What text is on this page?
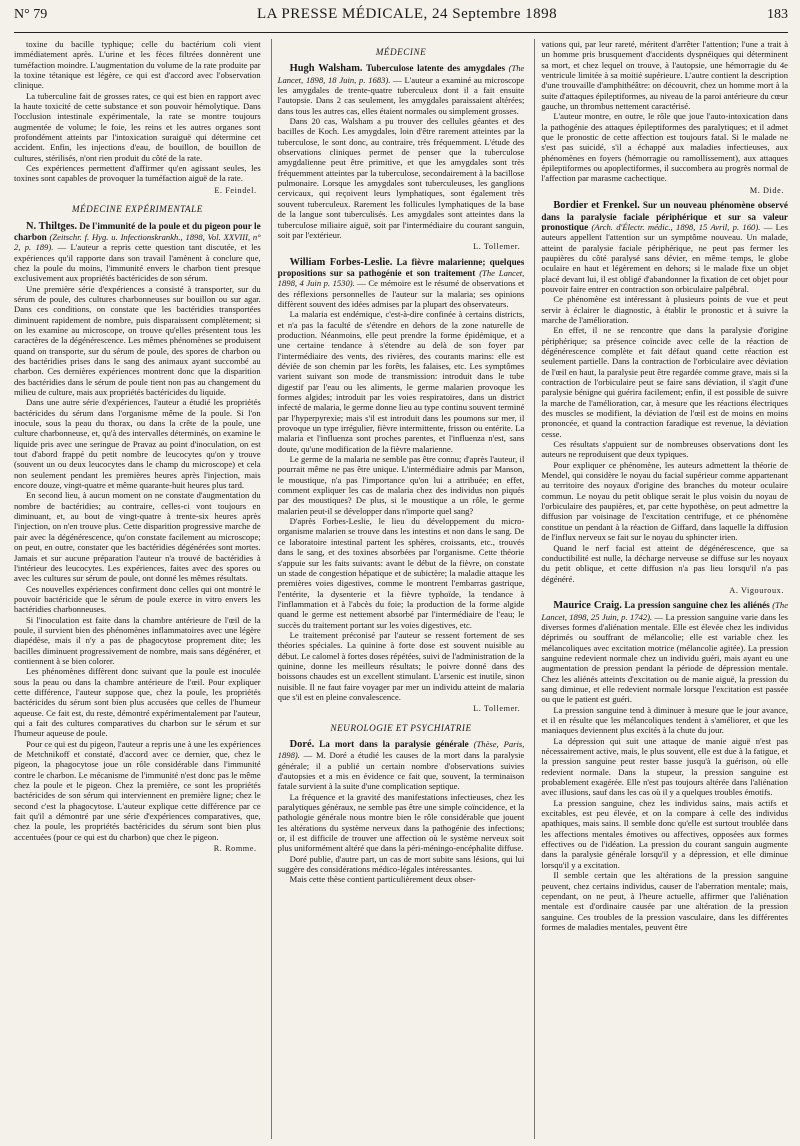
N° 79	LA PRESSE MÉDICALE, 24 Septembre 1898	183

toxine du bacille typhique; celle du bactérium coli vient immédiatement après. L'urine et les fèces filtrées donnèrent une tuméfaction moindre. L'augmentation du volume de la rate produite par la toxine tétanique est légère, ce qui est d'accord avec l'observation clinique.

La tuberculine fait de grosses rates, ce qui est bien en rapport avec la haute toxicité de cette substance et son pouvoir hémolytique. Dans l'occlusion intestinale expérimentale, la rate se montre toujours augmentée de volume; le foie, les reins et les autres organes sont profondément atteints par l'intoxication suraiguë qui détermine cet accident. Enfin, les injections d'eau, de bouillon, de bouillon de cultures, stérilisés, n'ont rien produit du côté de la rate.

Ces expériences permettent d'affirmer qu'en agissant seules, les toxines sont capables de provoquer la tuméfaction aiguë de la rate.

E. Feindel.
MÉDECINE EXPÉRIMENTALE

N. Thiltges. De l'immunité de la poule et du pigeon pour le charbon (Zeitschr. f. Hyg. u. Infectionskrankh., 1898, Vol. XXVIII, n° 2, p. 189). — L'auteur a repris cette question tant discutée, et les expériences qu'il rapporte dans son travail l'amènent à conclure que, chez la poule du moins, l'immunité envers le charbon tient presque exclusivement aux propriétés bactéricides de son sérum.

Une première série d'expériences a consisté à transporter, sur du sérum de poule, des cultures charbonneuses sur bouillon ou sur agar. Dans ces conditions, on constate que les bactéridies transportées diminuent rapidement de nombre, puis disparaissent complètement; si on les examine au microscope, on trouve qu'elles présentent tous les caractères de la dégénérescence. Les mêmes phénomènes se produisent quand on transporte, sur du sérum de poule, des spores de charbon ou des bactéridies prises dans le sang des animaux ayant succombé au charbon. Ces dernières expériences montrent donc que la disparition des bactéridies dans le sérum de poule tient non pas au changement du milieu de culture, mais aux propriétés bactéricides du liquide.

Dans une autre série d'expériences, l'auteur a étudié les propriétés bactéricides du sérum dans l'organisme même de la poule. Si l'on inocule, sous la peau du thorax, ou dans la crête de la poule, une culture charbonneuse, et, qu'à des intervalles déterminés, on examine le liquide pris avec une seringue de Pravaz au point d'inoculation, on est tout d'abord frappé du petit nombre de leucocytes qu'on y trouve (souvent un ou deux leucocytes dans le champ du microscope) et cela non seulement pendant les premières heures après l'injection, mais encore douze, vingt-quatre et même quarante-huit heures plus tard.

En second lieu, à aucun moment on ne constate d'augmentation du nombre de bactéridies; au contraire, celles-ci vont toujours en diminuant, et, au bout de vingt-quatre à trente-six heures après l'injection, on n'en trouve plus. Cette disparition progressive marche de pair avec la dégénérescence, qu'on constate facilement au microscope; on peut, en outre, constater que les bactéridies dégénérées sont mortes. Jamais et sur aucune préparation l'auteur n'a trouvé de bactéridies à l'intérieur des leucocytes. Les expériences, faites avec des spores ou avec les cultures sur sérum de poule, ont donné les mêmes résultats.

Ces nouvelles expériences confirment donc celles qui ont montré le pouvoir bactéricide que le sérum de poule exerce in vitro envers les bactéridies charbonneuses.

Si l'inoculation est faite dans la chambre antérieure de l'œil de la poule, il survient bien des phénomènes inflammatoires avec une légère diapédèse, mais il n'y a pas de phagocytose proprement dite; les bacilles diminuent progressivement de nombre, mais sans dégénérer, et contiennent à se bien colorer.

Les phénomènes diffèrent donc suivant que la poule est inoculée sous la peau ou dans la chambre antérieure de l'œil. Pour expliquer cette différence, l'auteur suppose que, chez la poule, les propriétés bactéricides du sérum sont bien plus accusées que celles de l'humeur aqueuse. Ce fait est, du reste, démontré expérimentalement par l'auteur, qui a fait des cultures comparatives du charbon sur le sérum et sur l'humeur aqueuse de poule.

Pour ce qui est du pigeon, l'auteur a repris une à une les expériences de Metchnikoff et constaté, d'accord avec ce dernier, que, chez le pigeon, la phagocytose joue un rôle considérable dans l'immunité contre le charbon. Le mécanisme de l'immunité n'est donc pas le même chez la poule et le pigeon. Chez la première, ce sont les propriétés bactéricides de son sérum qui interviennent en première ligne; chez le second c'est la phagocytose. L'auteur explique cette différence par ce fait qu'il a démontré par une série d'expériences comparatives, que, chez la poule, les propriétés bactéricides du sérum sont bien plus accentuées (pour ce qui est du charbon) que chez le pigeon.

R. Romme.
MÉDECINE

Hugh Walsham. Tuberculose latente des amygdales (The Lancet, 1898, 18 Juin, p. 1683). — L'auteur a examiné au microscope les amygdales de trente-quatre tuberculeux dont il a fait ensuite l'autopsie. Dans 2 cas seulement, les amygdales paraissaient altérées; dans tous les autres cas, elles étaient normales ou simplement grosses.

Dans 20 cas, Walsham a pu trouver des cellules géantes et des bacilles de Koch. Les amygdales, loin d'être rarement atteintes par la tuberculose, le sont donc, au contraire, très fréquemment. L'étude des observations cliniques permet de penser que la tuberculose amygdalienne peut être primitive, et que les amygdales sont très fréquemment atteintes par la tuberculose, secondairement à la bacillose pulmonaire. Lorsque les amygdales sont tuberculeuses, les ganglions cervicaux, qui reçoivent leurs lymphatiques, sont également très souvent tuberculeux. Rarement les follicules lymphatiques de la base de la langue sont tuberculisés. Les amygdales sont atteintes dans la tuberculose miliaire aiguë, soit par l'intermédiaire du courant sanguin, soit par l'extérieur.

L. Tollemer.

William Forbes-Leslie. La fièvre malarienne; quelques propositions sur sa pathogénie et son traitement (The Lancet, 1898, 4 Juin p. 1530). — Ce mémoire est le résumé de observations et des réflexions personnelles de l'auteur sur la malaria; ses opinions diffèrent souvent des idées admises par la plupart des observateurs.

La malaria est endémique, c'est-à-dire confinée à certains districts, et n'a pas la faculté de s'étendre en dehors de la zone naturelle de production. Néanmoins, elle peut prendre la forme épidémique, et a une certaine tendance à s'étendre au delà de son foyer par l'intermédiaire des vents, des rivières, des courants marins: elle est déviée de son chemin par les forêts, les falaises, etc. Les symptômes varient suivant son mode de transmission: introduit dans le tube digestif par l'eau ou les aliments, le germe malarien provoque les formes algides; introduit par les voies respiratoires, dans un district infecté de malaria, le germe donne lieu au type continu souvent terminé par l'hyperpyrexie; mais s'il est introduit dans les poumons sur mer, il provoque un type irrégulier, fièvre intermittente, frisson ou entérite. La malaria et l'influenza sont proches parentes, et l'influenza n'est, sans doute, qu'une modification de la fièvre malarienne.

Le germe de la malaria ne semble pas être connu; d'après l'auteur, il pourrait même ne pas être unique. L'intermédiaire admis par Manson, le moustique, n'a pas l'importance qu'on lui a attribuée; en effet, comment expliquer les cas de malaria chez des individus non piqués par des moustiques? De plus, si le moustique a un rôle, le germe malarien peut-il se développer dans n'importe quel sang?

D'après Forbes-Leslie, le lieu du développement du micro-organisme malarien se trouve dans les intestins et non dans le sang. De ce laboratoire intestinal partent les sphères, croissants, etc., trouvés dans le sang, et des toxines absorbées par l'organisme. Cette théorie s'appuie sur les faits suivants: avant le début de la fièvre, on constate un stade de congestion hépatique et de subictère; la maladie attaque les premières voies digestives, comme le montrent l'embarras gastrique, l'entérite, la dysenterie et la fièvre typhoïde, la tendance à l'inflammation et à l'abcès du foie; la production de la forme algide quand le germe est nettement absorbé par l'intermédiaire de l'eau; le succès du traitement portant sur les voies digestives, etc.

Le traitement préconisé par l'auteur se ressent fortement de ses théories spéciales. La quinine à forte dose est souvent nuisible au début. Le calomel à fortes doses répétées, suivi de l'administration de la quinine, donne les meilleurs résultats; le poivre donné dans des boissons chaudes est un excellent stimulant. L'arsenic est inutile, sinon nuisible. Il ne faut faire voyager par mer un individu atteint de malaria que s'il est en pleine convalescence.

L. Tollemer.
NEUROLOGIE ET PSYCHIATRIE

Doré. La mort dans la paralysie générale (Thèse, Paris, 1898). — M. Doré a étudié les causes de la mort dans la paralysie générale; il a publié un certain nombre d'observations suivies d'autopsies et a mis en évidence ce fait que, souvent, la terminaison fatale survient à la suite d'une complication septique.

La fréquence et la gravité des manifestations infectieuses, chez les paralytiques généraux, ne semble pas être une simple coïncidence, et la pathologie générale nous montre bien le rôle considérable que jouent les altérations du système nerveux dans la pathogénie des infections; or, il est difficile de trouver une affection où le système nerveux soit plus uniformément altéré que dans la péri-méningo-encéphalite diffuse.

Doré publie, d'autre part, un cas de mort subite sans lésions, qui lui suggère des considérations médico-légales intéressantes.

Mais cette thèse contient particulièrement deux obser-

vations qui, par leur rareté, méritent d'arrêter l'attention; l'une a trait à un homme pris brusquement d'accidents dyspnéiques qui déterminent sa mort, et chez lequel on trouve, à l'autopsie, une hémorragie du 4e ventricule limitée à sa moitié supérieure. L'autre contient la description d'une trouvaille d'amphithéâtre: on découvrit, chez un homme mort à la suite d'attaques épileptiformes, au niveau de la paroi antérieure du cœur gauche, un thrombus nettement caractérisé.

L'auteur montre, en outre, le rôle que joue l'auto-intoxication dans la pathogénie des attaques épileptiformes des paralytiques; et il admet que le pronostic de cette affection est toujours fatal. Si le malade ne s'est pas suicidé, s'il a échappé aux maladies infectieuses, aux phénomènes en foyers (hémorragie ou ramollissement), aux attaques épileptiformes ou apoplectiformes, il succombera au progrès normal de l'affection par marasme cachectique.

M. Dide.

Bordier et Frenkel. Sur un nouveau phénomène observé dans la paralysie faciale périphérique et sur sa valeur pronostique (Arch. d'Électr. médic., 1898, 15 Avril, p. 160). — Les auteurs appellent l'attention sur un symptôme nouveau. Un malade, atteint de paralysie faciale périphérique, ne peut pas fermer les paupières du côté paralysé sans dévier, en même temps, le globe oculaire en haut et légèrement en dehors; si le malade fixe un objet placé devant lui, il est obligé d'abandonner la fixation de cet objet pour pouvoir faire entrer en contraction son orbiculaire palpébral.

Ce phénomène est intéressant à plusieurs points de vue et peut servir à éclairer le diagnostic, à établir le pronostic et à suivre la marche de l'amélioration.

En effet, il ne se rencontre que dans la paralysie d'origine périphérique; sa présence coïncide avec celle de la réaction de dégénérescence complète et fait défaut quand cette réaction est seulement partielle. Dans la contraction de l'orbiculaire avec déviation de l'œil en haut, la paralysie peut être regardée comme grave, mais si la contraction de l'orbiculaire peut se faire sans déviation, il s'agit d'une paralysie bénigne qui guérira facilement; enfin, il est possible de suivre la marche de l'amélioration, car, à mesure que les réactions électriques des muscles se modifient, la déviation de l'œil est de moins en moins prononcée, et quand la contraction faradique est revenue, la déviation cesse.

Ces résultats s'appuient sur de nombreuses observations dont les auteurs ne reproduisent que deux typiques.

Pour expliquer ce phénomène, les auteurs admettent la théorie de Mendel, qui considère le noyau du facial supérieur comme appartenant au territoire des noyaux d'origine des branches du moteur oculaire commun. Le noyau du petit oblique serait le plus voisin du noyau de l'orbiculaire des paupières, et, par cette hypothèse, on peut admettre la diffusion par voisinage de l'excitation centrifuge, et ce phénomène constitue un pendant à la réaction de Giffard, dans laquelle la diffusion de l'influx nerveux se fait sur le noyau du sphincter irien.

Quand le nerf facial est atteint de dégénérescence, que sa conductibilité est nulle, la décharge nerveuse se diffuse sur les noyaux du petit oblique, et cette diffusion n'a pas lieu lorsqu'il n'a pas dégénéré.

A. Vigouroux.

Maurice Craig. La pression sanguine chez les aliénés (The Lancet, 1898, 25 Juin, p. 1742). — La pression sanguine varie dans les diverses formes d'aliénation mentale. Elle est élevée chez les individus déprimés ou souffrant de mélancolie; elle est variable chez les mélancoliques avec excitation motrice (mélancolie agitée). La pression sanguine redevient normale chez un individu guéri, mais ayant eu une augmentation de pression pendant la période de dépression mentale. Chez les aliénés atteints d'excitation ou de manie aiguë, la pression du sang diminue, et elle redevient normale lorsque l'excitation est passée ou que le patient est guéri.

La pression sanguine tend à diminuer à mesure que le jour avance, et il en résulte que les mélancoliques tendent à s'améliorer, et que les maniaques deviennent plus excités à la chute du jour.

La dépression qui suit une attaque de manie aiguë n'est pas nécessairement active, mais, le plus souvent, elle est due à la fatigue, et la pression sanguine peut rester basse jusqu'à la guérison, où elle redevient normale. Dans la stupeur, la pression sanguine est probablement exagérée. Elle n'est pas toujours altérée dans l'aliénation avec illusions, sauf dans les cas où il y a quelques troubles émotifs.

La pression sanguine, chez les individus sains, mais actifs et excitables, est peu élevée, et on la compare à celle des individus apathiques, mais sains. Il semble donc qu'elle est surtout troublée dans les affections mentales émotives ou affectives, opposées aux formes effectives ou de l'idéation. La pression du courant sanguin augmente dans la paralysie générale lorsqu'il y a dépression, et elle diminue lorsqu'il y a excitation.

Il semble certain que les altérations de la pression sanguine peuvent, chez certains individus, causer de l'aberration mentale; mais, cependant, on ne peut, à l'heure actuelle, affirmer que l'aliénation mentale est d'ordinaire causée par une altération de la pression sanguine. Ces troubles de la pression vasculaire, dans les différentes formes de maladies mentales, peuvent être
